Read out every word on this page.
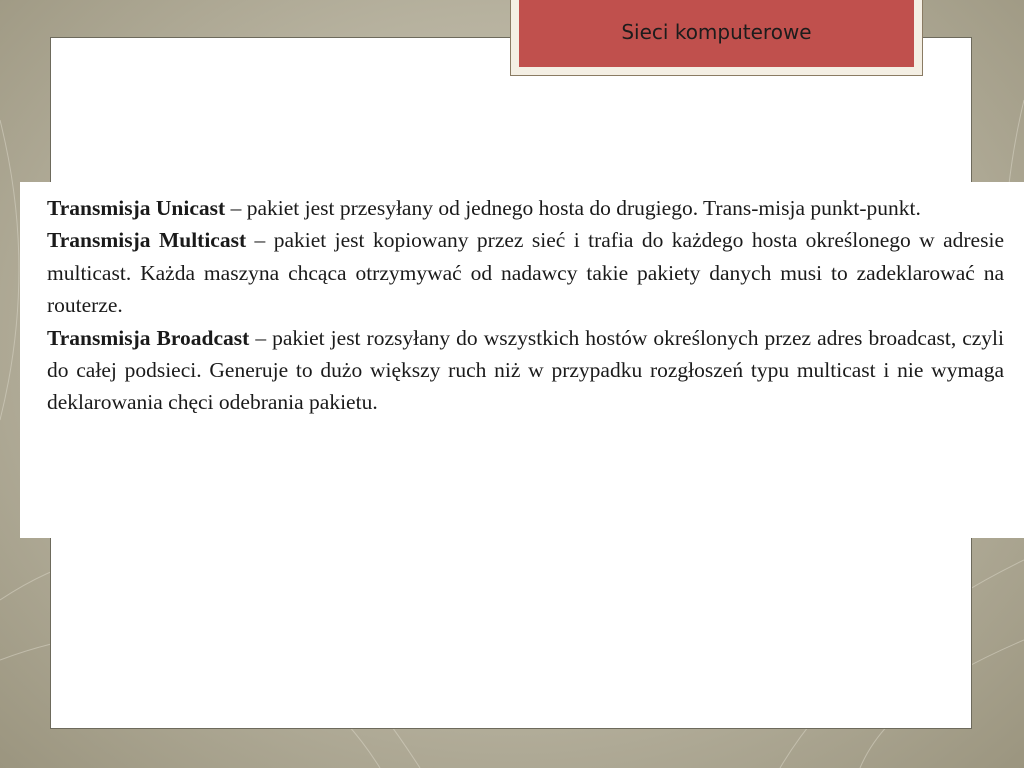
Sieci komputerowe

Transmisja Unicast – pakiet jest przesyłany od jednego hosta do drugiego. Trans-misja punkt-punkt.

Transmisja Multicast – pakiet jest kopiowany przez sieć i trafia do każdego hosta określonego w adresie multicast. Każda maszyna chcąca otrzymywać od nadawcy takie pakiety danych musi to zadeklarować na routerze.

Transmisja Broadcast – pakiet jest rozsyłany do wszystkich hostów określonych przez adres broadcast, czyli do całej podsieci. Generuje to dużo większy ruch niż w przypadku rozgłoszeń typu multicast i nie wymaga deklarowania chęci odebrania pakietu.
